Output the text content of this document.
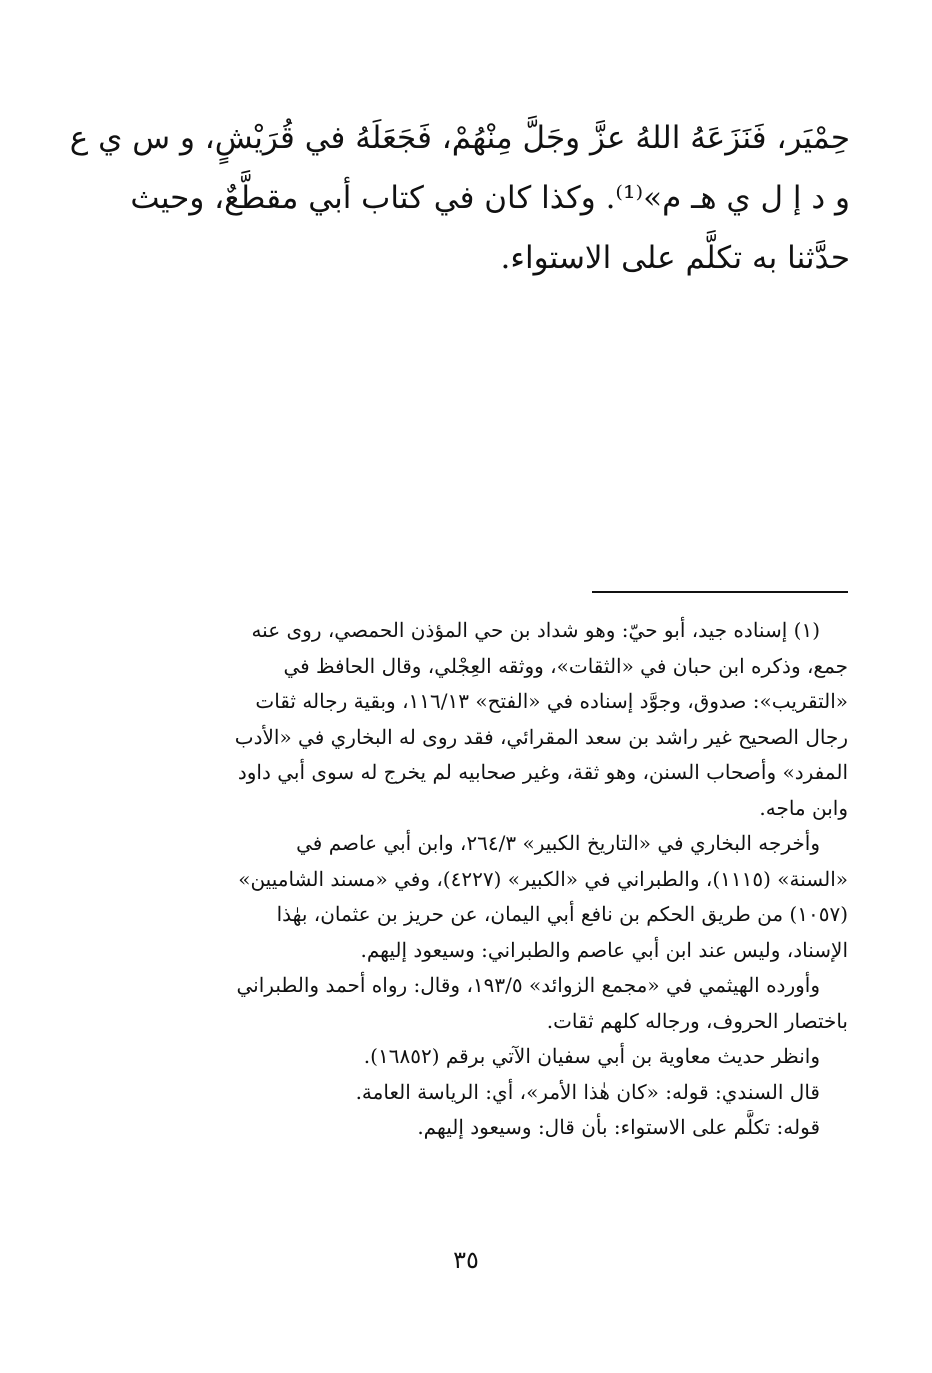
حِمْيَر، فَنَزَعَهُ اللهُ عزَّ وجَلَّ مِنْهُمْ، فَجَعَلَهُ في قُرَيْشٍ، و س ي ع
و د إ ل ي هـ م»⁽¹⁾. وكذا كان في كتاب أبي مقطَّعٌ، وحيث
حدَّثنا به تكلَّم على الاستواء.
(١) إسناده جيد، أبو حيّ: وهو شداد بن حي المؤذن الحمصي، روى عنه
جمع، وذكره ابن حبان في «الثقات»، ووثقه العِجْلي، وقال الحافظ في
«التقريب»: صدوق، وجوَّد إسناده في «الفتح» ١١٦/١٣، وبقية رجاله ثقات
رجال الصحيح غير راشد بن سعد المقرائي، فقد روى له البخاري في «الأدب
المفرد» وأصحاب السنن، وهو ثقة، وغير صحابيه لم يخرج له سوى أبي داود
وابن ماجه.
وأخرجه البخاري في «التاريخ الكبير» ٢٦٤/٣، وابن أبي عاصم في
«السنة» (١١١٥)، والطبراني في «الكبير» (٤٢٢٧)، وفي «مسند الشاميين»
(١٠٥٧) من طريق الحكم بن نافع أبي اليمان، عن حريز بن عثمان، بهٰذا
الإسناد، وليس عند ابن أبي عاصم والطبراني: وسيعود إليهم.
وأورده الهيثمي في «مجمع الزوائد» ١٩٣/٥، وقال: رواه أحمد والطبراني
باختصار الحروف، ورجاله كلهم ثقات.
وانظر حديث معاوية بن أبي سفيان الآتي برقم (١٦٨٥٢).
قال السندي: قوله: «كان هٰذا الأمر»، أي: الرياسة العامة.
قوله: تكلَّم على الاستواء: بأن قال: وسيعود إليهم.
٣٥
